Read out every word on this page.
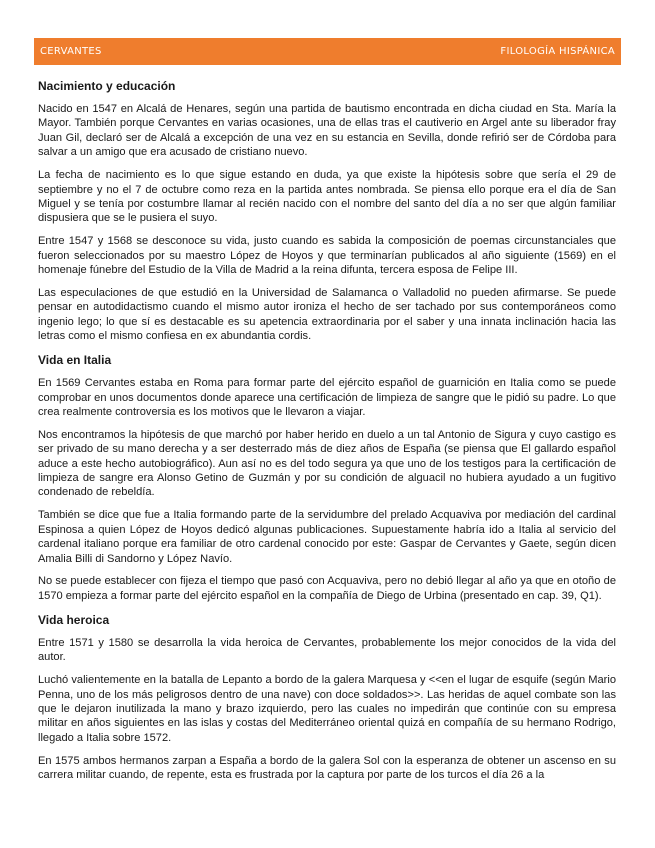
CERVANTES	FILOLOGÍA HISPÁNICA
Nacimiento y educación

Nacido en 1547 en Alcalá de Henares, según una partida de bautismo encontrada en dicha ciudad en Sta. María la Mayor. También porque Cervantes en varias ocasiones, una de ellas tras el cautiverio en Argel ante su liberador fray Juan Gil, declaró ser de Alcalá a excepción de una vez en su estancia en Sevilla, donde refirió ser de Córdoba para salvar a un amigo que era acusado de cristiano nuevo.

La fecha de nacimiento es lo que sigue estando en duda, ya que existe la hipótesis sobre que sería el 29 de septiembre y no el 7 de octubre como reza en la partida antes nombrada. Se piensa ello porque era el día de San Miguel y se tenía por costumbre llamar al recién nacido con el nombre del santo del día a no ser que algún familiar dispusiera que se le pusiera el suyo.

Entre 1547 y 1568 se desconoce su vida, justo cuando es sabida la composición de poemas circunstanciales que fueron seleccionados por su maestro López de Hoyos y que terminarían publicados al año siguiente (1569) en el homenaje fúnebre del Estudio de la Villa de Madrid a la reina difunta, tercera esposa de Felipe III.

Las especulaciones de que estudió en la Universidad de Salamanca o Valladolid no pueden afirmarse. Se puede pensar en autodidactismo cuando el mismo autor ironiza el hecho de ser tachado por sus contemporáneos como ingenio lego; lo que sí es destacable es su apetencia extraordinaria por el saber y una innata inclinación hacia las letras como el mismo confiesa en ex abundantia cordis.

Vida en Italia

En 1569 Cervantes estaba en Roma para formar parte del ejército español de guarnición en Italia como se puede comprobar en unos documentos donde aparece una certificación de limpieza de sangre que le pidió su padre. Lo que crea realmente controversia es los motivos que le llevaron a viajar.

Nos encontramos la hipótesis de que marchó por haber herido en duelo a un tal Antonio de Sigura y cuyo castigo es ser privado de su mano derecha y a ser desterrado más de diez años de España (se piensa que El gallardo español aduce a este hecho autobiográfico). Aun así no es del todo segura ya que uno de los testigos para la certificación de limpieza de sangre era Alonso Getino de Guzmán y por su condición de alguacil no hubiera ayudado a un fugitivo condenado de rebeldía.

También se dice que fue a Italia formando parte de la servidumbre del prelado Acquaviva por mediación del cardinal Espinosa a quien López de Hoyos dedicó algunas publicaciones. Supuestamente habría ido a Italia al servicio del cardenal italiano porque era familiar de otro cardenal conocido por este: Gaspar de Cervantes y Gaete, según dicen Amalia Billi di Sandorno y López Navío.

No se puede establecer con fijeza el tiempo que pasó con Acquaviva, pero no debió llegar al año ya que en otoño de 1570 empieza a formar parte del ejército español en la compañía de Diego de Urbina (presentado en cap. 39, Q1).

Vida heroica

Entre 1571 y 1580 se desarrolla la vida heroica de Cervantes, probablemente los mejor conocidos de la vida del autor.

Luchó valientemente en la batalla de Lepanto a bordo de la galera Marquesa y <<en el lugar de esquife (según Mario Penna, uno de los más peligrosos dentro de una nave) con doce soldados>>. Las heridas de aquel combate son las que le dejaron inutilizada la mano y brazo izquierdo, pero las cuales no impedirán que continúe con su empresa militar en años siguientes en las islas y costas del Mediterráneo oriental quizá en compañía de su hermano Rodrigo, llegado a Italia sobre 1572.

En 1575 ambos hermanos zarpan a España a bordo de la galera Sol con la esperanza de obtener un ascenso en su carrera militar cuando, de repente, esta es frustrada por la captura por parte de los turcos el día 26 a la
